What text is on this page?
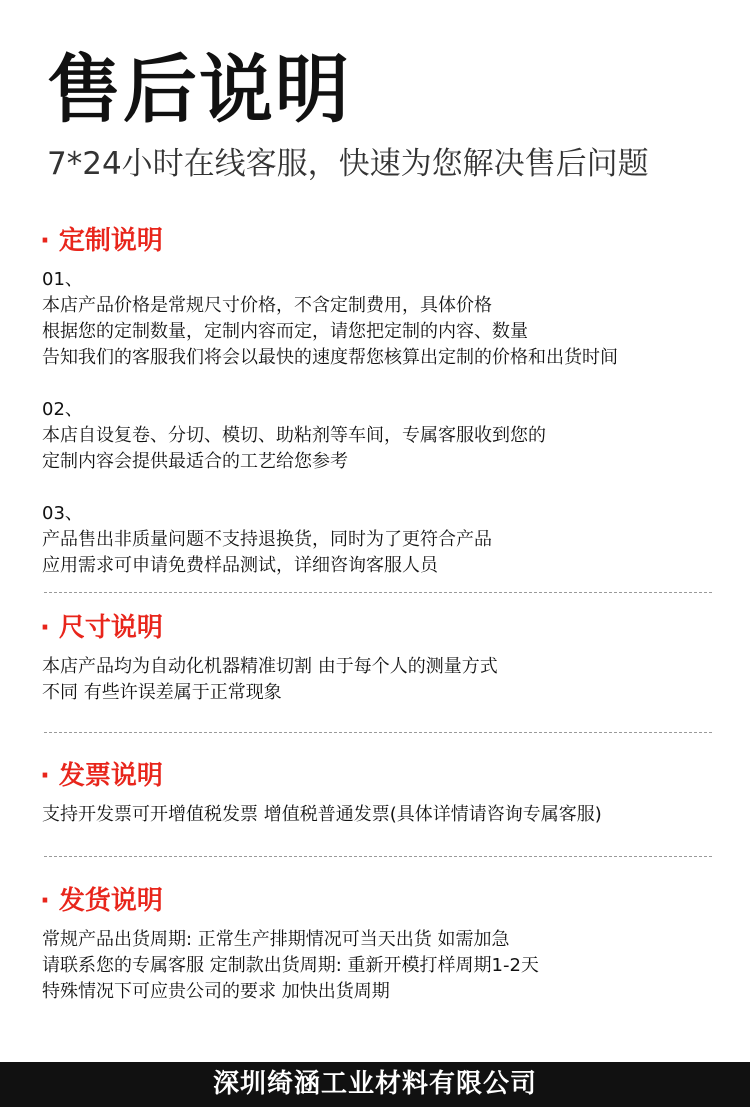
售后说明
7*24小时在线客服，快速为您解决售后问题
· 定制说明
01、
本店产品价格是常规尺寸价格，不含定制费用，具体价格
根据您的定制数量，定制内容而定，请您把定制的内容、数量
告知我们的客服我们将会以最快的速度帮您核算出定制的价格和出货时间
02、
本店自设复卷、分切、模切、助粘剂等车间，专属客服收到您的
定制内容会提供最适合的工艺给您参考
03、
产品售出非质量问题不支持退换货，同时为了更符合产品
应用需求可申请免费样品测试，详细咨询客服人员
· 尺寸说明
本店产品均为自动化机器精准切割 由于每个人的测量方式
不同 有些许误差属于正常现象
· 发票说明
支持开发票可开增值税发票 增值税普通发票(具体详情请咨询专属客服)
· 发货说明
常规产品出货周期: 正常生产排期情况可当天出货 如需加急
请联系您的专属客服 定制款出货周期: 重新开模打样周期1-2天
特殊情况下可应贵公司的要求 加快出货周期
深圳绮涵工业材料有限公司
